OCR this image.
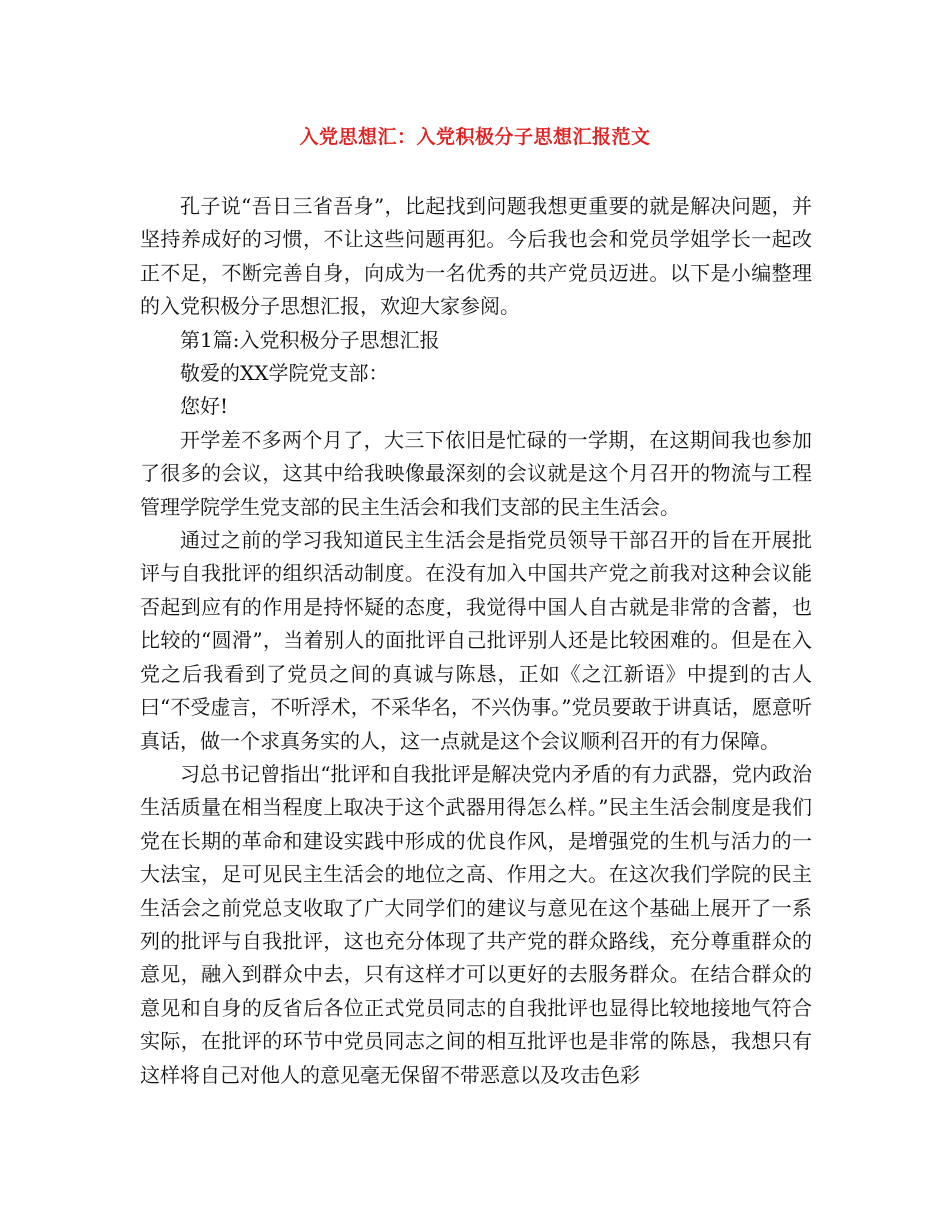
入党思想汇：入党积极分子思想汇报范文

孔子说“吾日三省吾身”，比起找到问题我想更重要的就是解决问题，并坚持养成好的习惯，不让这些问题再犯。今后我也会和党员学姐学长一起改正不足，不断完善自身，向成为一名优秀的共产党员迈进。以下是小编整理的入党积极分子思想汇报，欢迎大家参阅。

第1篇:入党积极分子思想汇报

敬爱的XX学院党支部：

您好!

开学差不多两个月了，大三下依旧是忙碌的一学期，在这期间我也参加了很多的会议，这其中给我映像最深刻的会议就是这个月召开的物流与工程管理学院学生党支部的民主生活会和我们支部的民主生活会。

通过之前的学习我知道民主生活会是指党员领导干部召开的旨在开展批评与自我批评的组织活动制度。在没有加入中国共产党之前我对这种会议能否起到应有的作用是持怀疑的态度，我觉得中国人自古就是非常的含蓄，也比较的“圆滑”，当着别人的面批评自己批评别人还是比较困难的。但是在入党之后我看到了党员之间的真诚与陈恳，正如《之江新语》中提到的古人曰“不受虚言，不听浮术，不采华名，不兴伪事。”党员要敢于讲真话，愿意听真话，做一个求真务实的人，这一点就是这个会议顺利召开的有力保障。

习总书记曾指出“批评和自我批评是解决党内矛盾的有力武器，党内政治生活质量在相当程度上取决于这个武器用得怎么样。”民主生活会制度是我们党在长期的革命和建设实践中形成的优良作风，是增强党的生机与活力的一大法宝，足可见民主生活会的地位之高、作用之大。在这次我们学院的民主生活会之前党总支收取了广大同学们的建议与意见在这个基础上展开了一系列的批评与自我批评，这也充分体现了共产党的群众路线，充分尊重群众的意见，融入到群众中去，只有这样才可以更好的去服务群众。在结合群众的意见和自身的反省后各位正式党员同志的自我批评也显得比较地接地气符合实际，在批评的环节中党员同志之间的相互批评也是非常的陈恳，我想只有这样将自己对他人的意见毫无保留不带恶意以及攻击色彩
